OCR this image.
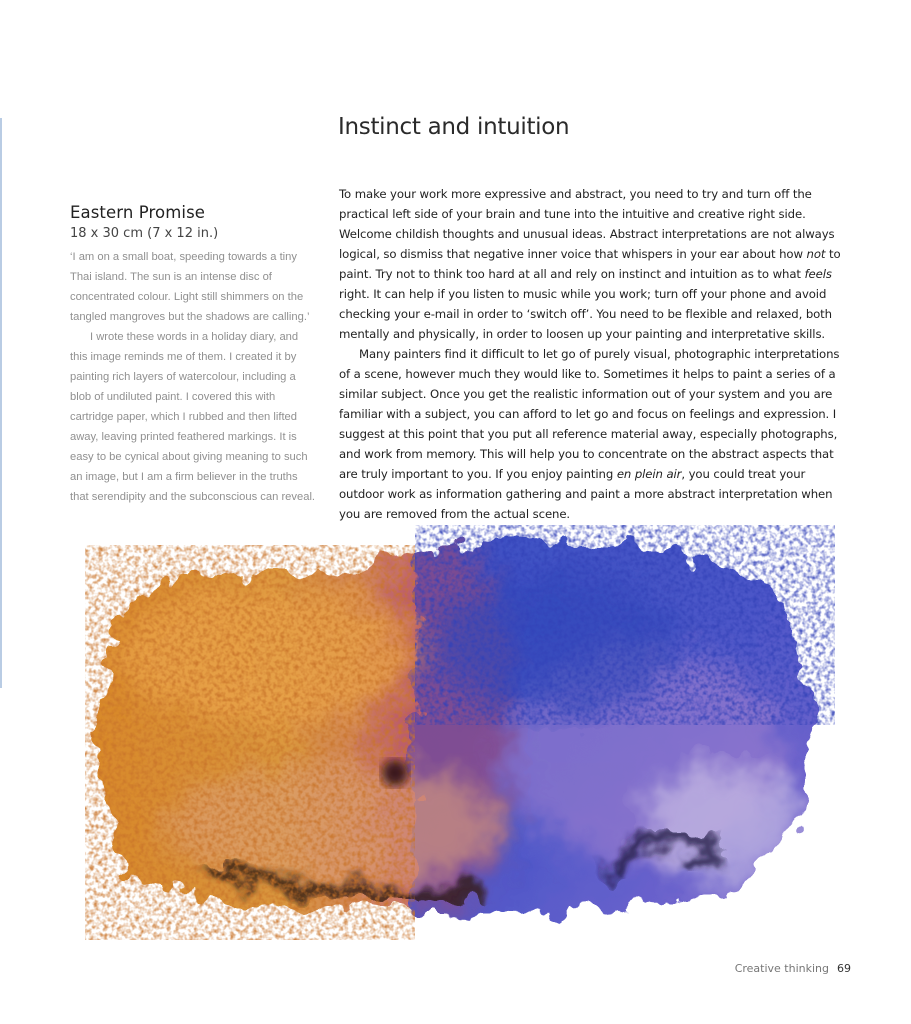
Instinct and intuition
Eastern Promise
18 x 30 cm (7 x 12 in.)

‘I am on a small boat, speeding towards a tiny Thai island. The sun is an intense disc of concentrated colour. Light still shimmers on the tangled mangroves but the shadows are calling.’

I wrote these words in a holiday diary, and this image reminds me of them. I created it by painting rich layers of watercolour, including a blob of undiluted paint. I covered this with cartridge paper, which I rubbed and then lifted away, leaving printed feathered markings. It is easy to be cynical about giving meaning to such an image, but I am a firm believer in the truths that serendipity and the subconscious can reveal.

To make your work more expressive and abstract, you need to try and turn off the practical left side of your brain and tune into the intuitive and creative right side. Welcome childish thoughts and unusual ideas. Abstract interpretations are not always logical, so dismiss that negative inner voice that whispers in your ear about how not to paint. Try not to think too hard at all and rely on instinct and intuition as to what feels right. It can help if you listen to music while you work; turn off your phone and avoid checking your e-mail in order to ‘switch off’. You need to be flexible and relaxed, both mentally and physically, in order to loosen up your painting and interpretative skills.

Many painters find it difficult to let go of purely visual, photographic interpretations of a scene, however much they would like to. Sometimes it helps to paint a series of a similar subject. Once you get the realistic information out of your system and you are familiar with a subject, you can afford to let go and focus on feelings and expression. I suggest at this point that you put all reference material away, especially photographs, and work from memory. This will help you to concentrate on the abstract aspects that are truly important to you. If you enjoy painting en plein air, you could treat your outdoor work as information gathering and paint a more abstract interpretation when you are removed from the actual scene.

Creative thinking 69
